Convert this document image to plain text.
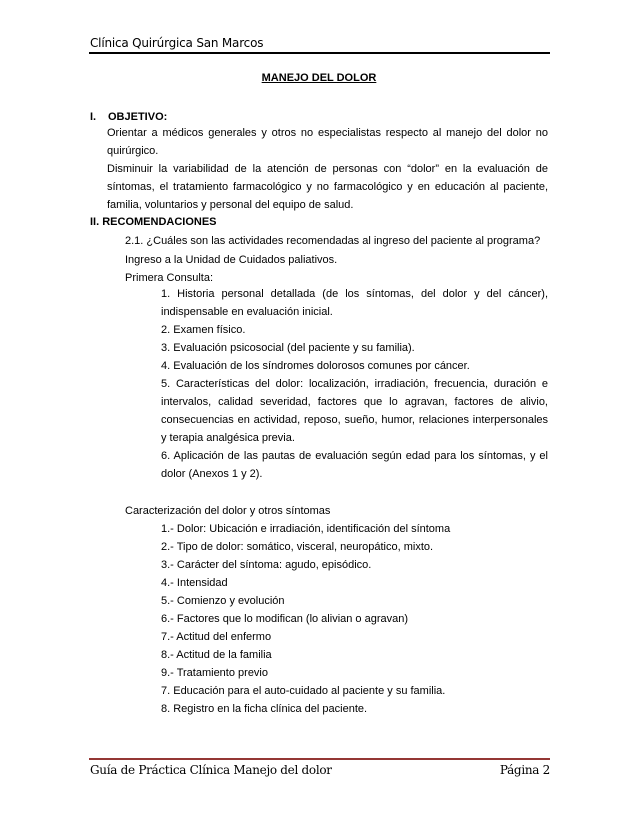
Clínica Quirúrgica San Marcos
MANEJO DEL DOLOR
I. OBJETIVO:
Orientar a médicos generales y otros no especialistas respecto al manejo del dolor no quirúrgico.
Disminuir la variabilidad de la atención de personas con “dolor” en la evaluación de síntomas, el tratamiento farmacológico y no farmacológico y en educación al paciente, familia, voluntarios y personal del equipo de salud.
II. RECOMENDACIONES
2.1. ¿Cuáles son las actividades recomendadas al ingreso del paciente al programa?
Ingreso a la Unidad de Cuidados paliativos.
Primera Consulta:
1. Historia personal detallada (de los síntomas, del dolor y del cáncer), indispensable en evaluación inicial.
2. Examen físico.
3. Evaluación psicosocial (del paciente y su familia).
4. Evaluación de los síndromes dolorosos comunes por cáncer.
5. Características del dolor: localización, irradiación, frecuencia, duración e intervalos, calidad severidad, factores que lo agravan, factores de alivio, consecuencias en actividad, reposo, sueño, humor, relaciones interpersonales y terapia analgésica previa.
6. Aplicación de las pautas de evaluación según edad para los síntomas, y el dolor (Anexos 1 y 2).
Caracterización del dolor y otros síntomas
1.- Dolor: Ubicación e irradiación, identificación del síntoma
2.- Tipo de dolor: somático, visceral, neuropático, mixto.
3.- Carácter del síntoma: agudo, episódico.
4.- Intensidad
5.- Comienzo y evolución
6.- Factores que lo modifican (lo alivian o agravan)
7.- Actitud del enfermo
8.- Actitud de la familia
9.- Tratamiento previo
7. Educación para el auto-cuidado al paciente y su familia.
8. Registro en la ficha clínica del paciente.
Guía de Práctica Clínica Manejo del dolor	Página 2
